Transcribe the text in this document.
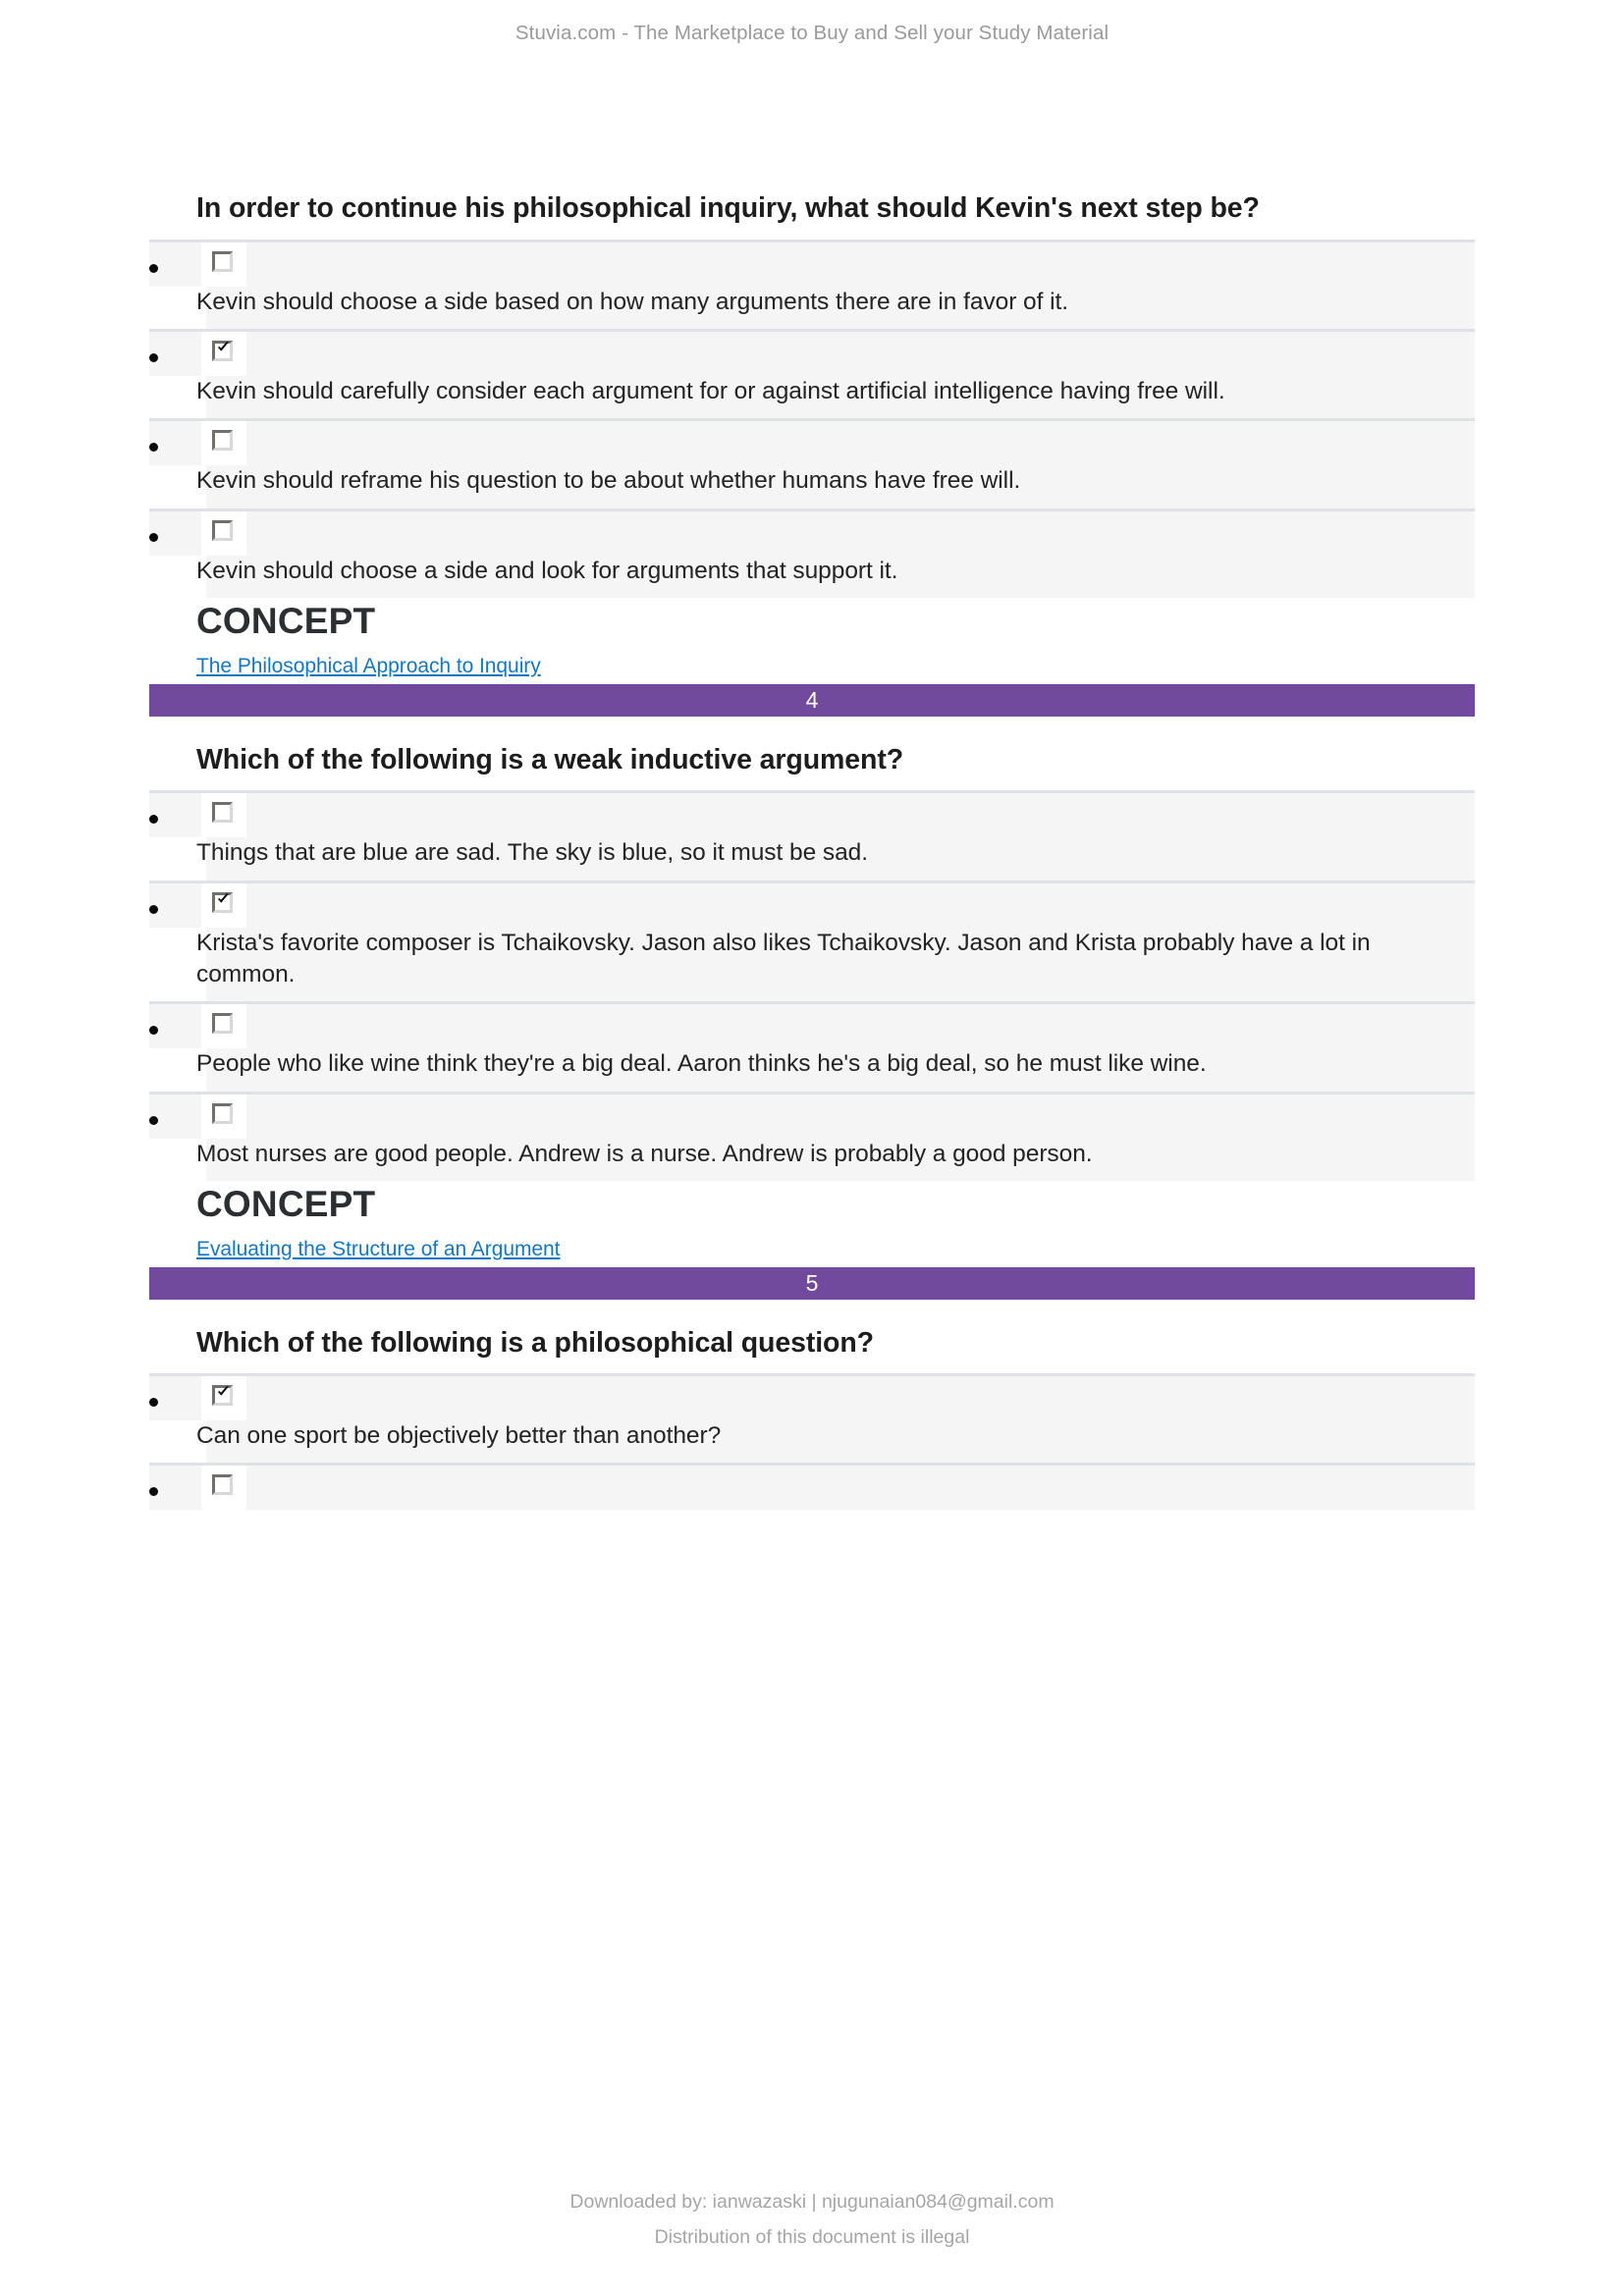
Stuvia.com - The Marketplace to Buy and Sell your Study Material
In order to continue his philosophical inquiry, what should Kevin's next step be?
Kevin should choose a side based on how many arguments there are in favor of it.
Kevin should carefully consider each argument for or against artificial intelligence having free will.
Kevin should reframe his question to be about whether humans have free will.
Kevin should choose a side and look for arguments that support it.
CONCEPT
The Philosophical Approach to Inquiry
4
Which of the following is a weak inductive argument?
Things that are blue are sad. The sky is blue, so it must be sad.
Krista's favorite composer is Tchaikovsky. Jason also likes Tchaikovsky. Jason and Krista probably have a lot in common.
People who like wine think they're a big deal. Aaron thinks he's a big deal, so he must like wine.
Most nurses are good people. Andrew is a nurse. Andrew is probably a good person.
CONCEPT
Evaluating the Structure of an Argument
5
Which of the following is a philosophical question?
Can one sport be objectively better than another?
Downloaded by: ianwazaski | njugunaian084@gmail.com
Distribution of this document is illegal
